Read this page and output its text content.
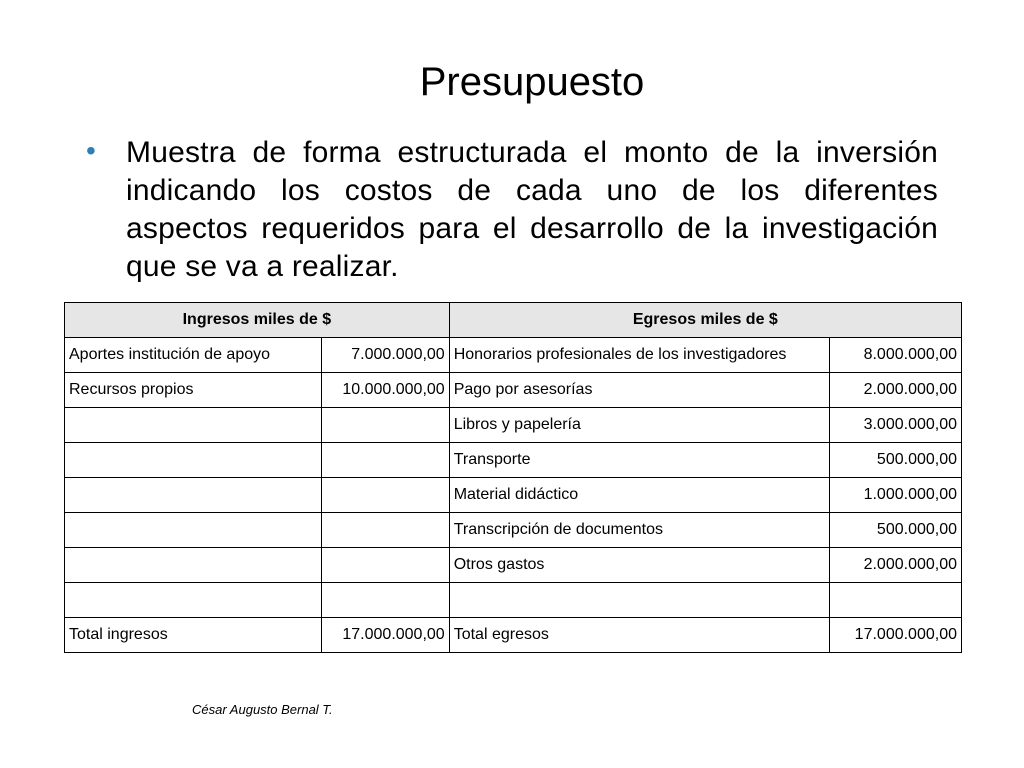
Presupuesto
• Muestra de forma estructurada el monto de la inversión indicando los costos de cada uno de los diferentes aspectos requeridos para el desarrollo de la investigación que se va a realizar.
Ingresos miles de $		Egresos miles de $	
Aportes institución de apoyo	7.000.000,00	Honorarios profesionales de los investigadores	8.000.000,00
Recursos propios	10.000.000,00	Pago por asesorías	2.000.000,00
		Libros y papelería	3.000.000,00
		Transporte	500.000,00
		Material didáctico	1.000.000,00
		Transcripción de documentos	500.000,00
		Otros gastos	2.000.000,00

Total ingresos	17.000.000,00	Total egresos	17.000.000,00
César Augusto Bernal T.
